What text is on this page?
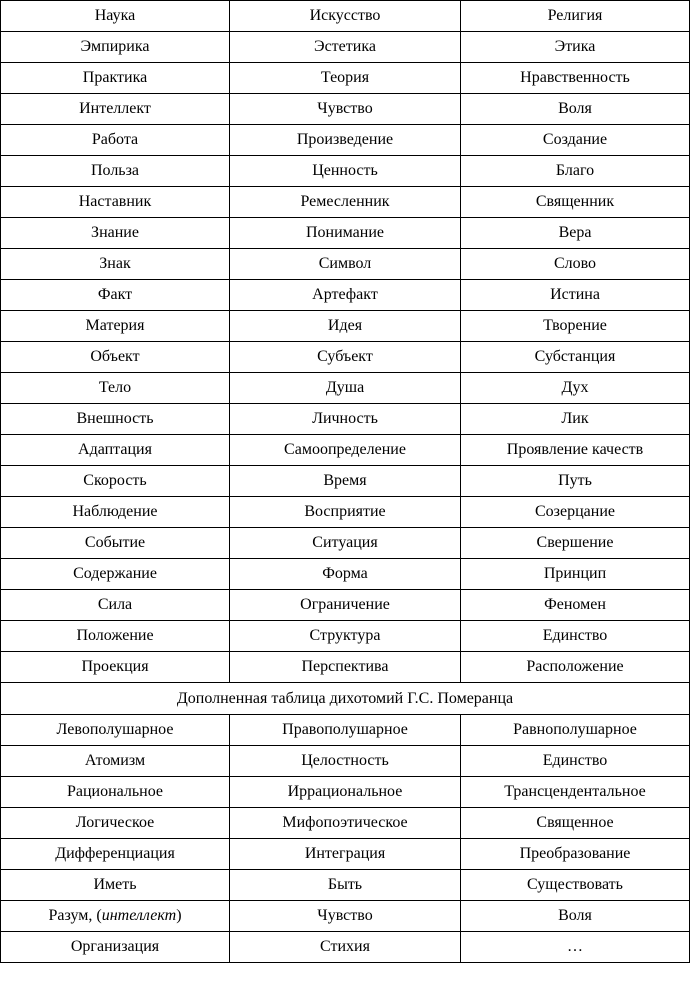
Наука	Искусство	Религия
Эмпирика	Эстетика	Этика
Практика	Теория	Нравственность
Интеллект	Чувство	Воля
Работа	Произведение	Создание
Польза	Ценность	Благо
Наставник	Ремесленник	Священник
Знание	Понимание	Вера
Знак	Символ	Слово
Факт	Артефакт	Истина
Материя	Идея	Творение
Объект	Субъект	Субстанция
Тело	Душа	Дух
Внешность	Личность	Лик
Адаптация	Самоопределение	Проявление качеств
Скорость	Время	Путь
Наблюдение	Восприятие	Созерцание
Событие	Ситуация	Свершение
Содержание	Форма	Принцип
Сила	Ограничение	Феномен
Положение	Структура	Единство
Проекция	Перспектива	Расположение
Дополненная таблица дихотомий Г.С. Померанца		
Левополушарное	Правополушарное	Равнополушарное
Атомизм	Целостность	Единство
Рациональное	Иррациональное	Трансцендентальное
Логическое	Мифопоэтическое	Священное
Дифференциация	Интеграция	Преобразование
Иметь	Быть	Существовать
Разум, (интеллект)	Чувство	Воля
Организация	Стихия	…
